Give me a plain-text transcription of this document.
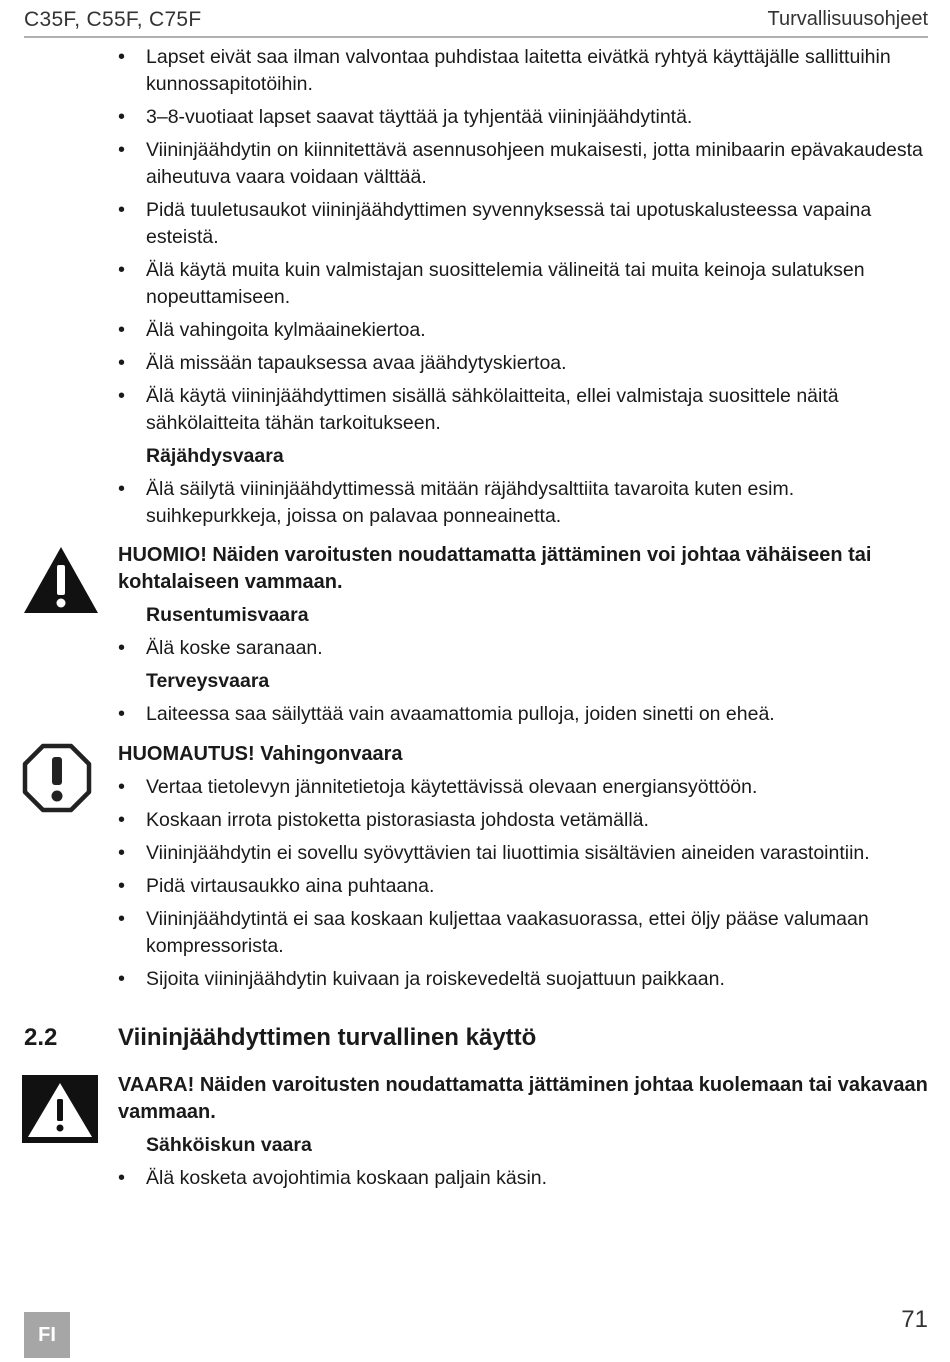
C35F, C55F, C75F	Turvallisuusohjeet
• Lapset eivät saa ilman valvontaa puhdistaa laitetta eivätkä ryhtyä käyttäjälle sallittuihin kunnossapitotöihin.
• 3–8-vuotiaat lapset saavat täyttää ja tyhjentää viininjäähdytintä.
• Viininjäähdytin on kiinnitettävä asennusohjeen mukaisesti, jotta minibaarin epävakaudesta aiheutuva vaara voidaan välttää.
• Pidä tuuletusaukot viininjäähdyttimen syvennyksessä tai upotuskalusteessa vapaina esteistä.
• Älä käytä muita kuin valmistajan suosittelemia välineitä tai muita keinoja sulatuksen nopeuttamiseen.
• Älä vahingoita kylmäainekiertoa.
• Älä missään tapauksessa avaa jäähdytyskiertoa.
• Älä käytä viininjäähdyttimen sisällä sähkölaitteita, ellei valmistaja suosittele näitä sähkölaitteita tähän tarkoitukseen.
Räjähdysvaara
• Älä säilytä viininjäähdyttimessä mitään räjähdysalttiita tavaroita kuten esim. suihkepurkkeja, joissa on palavaa ponneainetta.
HUOMIO! Näiden varoitusten noudattamatta jättäminen voi johtaa vähäiseen tai kohtalaiseen vammaan.
Rusentumisvaara
• Älä koske saranaan.
Terveysvaara
• Laiteessa saa säilyttää vain avaamattomia pulloja, joiden sinetti on eheä.
HUOMAUTUS! Vahingonvaara
• Vertaa tietolevyn jännitetietoja käytettävissä olevaan energiansyöttöön.
• Koskaan irrota pistoketta pistorasiasta johdosta vetämällä.
• Viininjäähdytin ei sovellu syövyttävien tai liuottimia sisältävien aineiden varastointiin.
• Pidä virtausaukko aina puhtaana.
• Viininjäähdytintä ei saa koskaan kuljettaa vaakasuorassa, ettei öljy pääse valumaan kompressorista.
• Sijoita viininjäähdytin kuivaan ja roiskevedeltä suojattuun paikkaan.
2.2	Viininjäähdyttimen turvallinen käyttö
VAARA! Näiden varoitusten noudattamatta jättäminen johtaa kuolemaan tai vakavaan vammaan.
Sähköiskun vaara
• Älä kosketa avojohtimia koskaan paljain käsin.
FI
71
